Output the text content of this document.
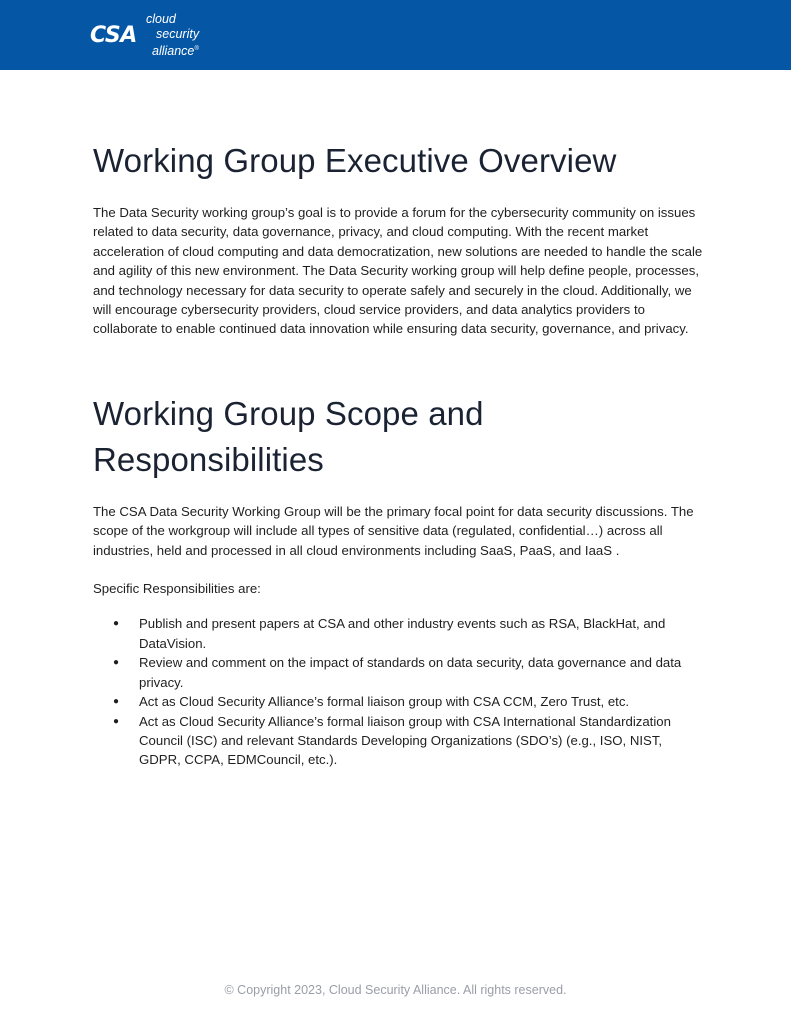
CSA
cloud
security
alliance®
Working Group Executive Overview

The Data Security working group’s goal is to provide a forum for the cybersecurity community on issues related to data security, data governance, privacy, and cloud computing. With the recent market acceleration of cloud computing and data democratization, new solutions are needed to handle the scale and agility of this new environment. The Data Security working group will help define people, processes, and technology necessary for data security to operate safely and securely in the cloud. Additionally, we will encourage cybersecurity providers, cloud service providers, and data analytics providers to collaborate to enable continued data innovation while ensuring data security, governance, and privacy.

Working Group Scope and Responsibilities

The CSA Data Security Working Group will be the primary focal point for data security discussions. The scope of the workgroup will include all types of sensitive data (regulated, confidential…) across all industries, held and processed in all cloud environments including SaaS, PaaS, and IaaS .

Specific Responsibilities are:

● Publish and present papers at CSA and other industry events such as RSA, BlackHat, and DataVision.
● Review and comment on the impact of standards on data security, data governance and data privacy.
● Act as Cloud Security Alliance’s formal liaison group with CSA CCM, Zero Trust, etc.
● Act as Cloud Security Alliance’s formal liaison group with CSA International Standardization Council (ISC) and relevant Standards Developing Organizations (SDO’s) (e.g., ISO, NIST, GDPR, CCPA, EDMCouncil, etc.).
© Copyright 2023, Cloud Security Alliance. All rights reserved.
